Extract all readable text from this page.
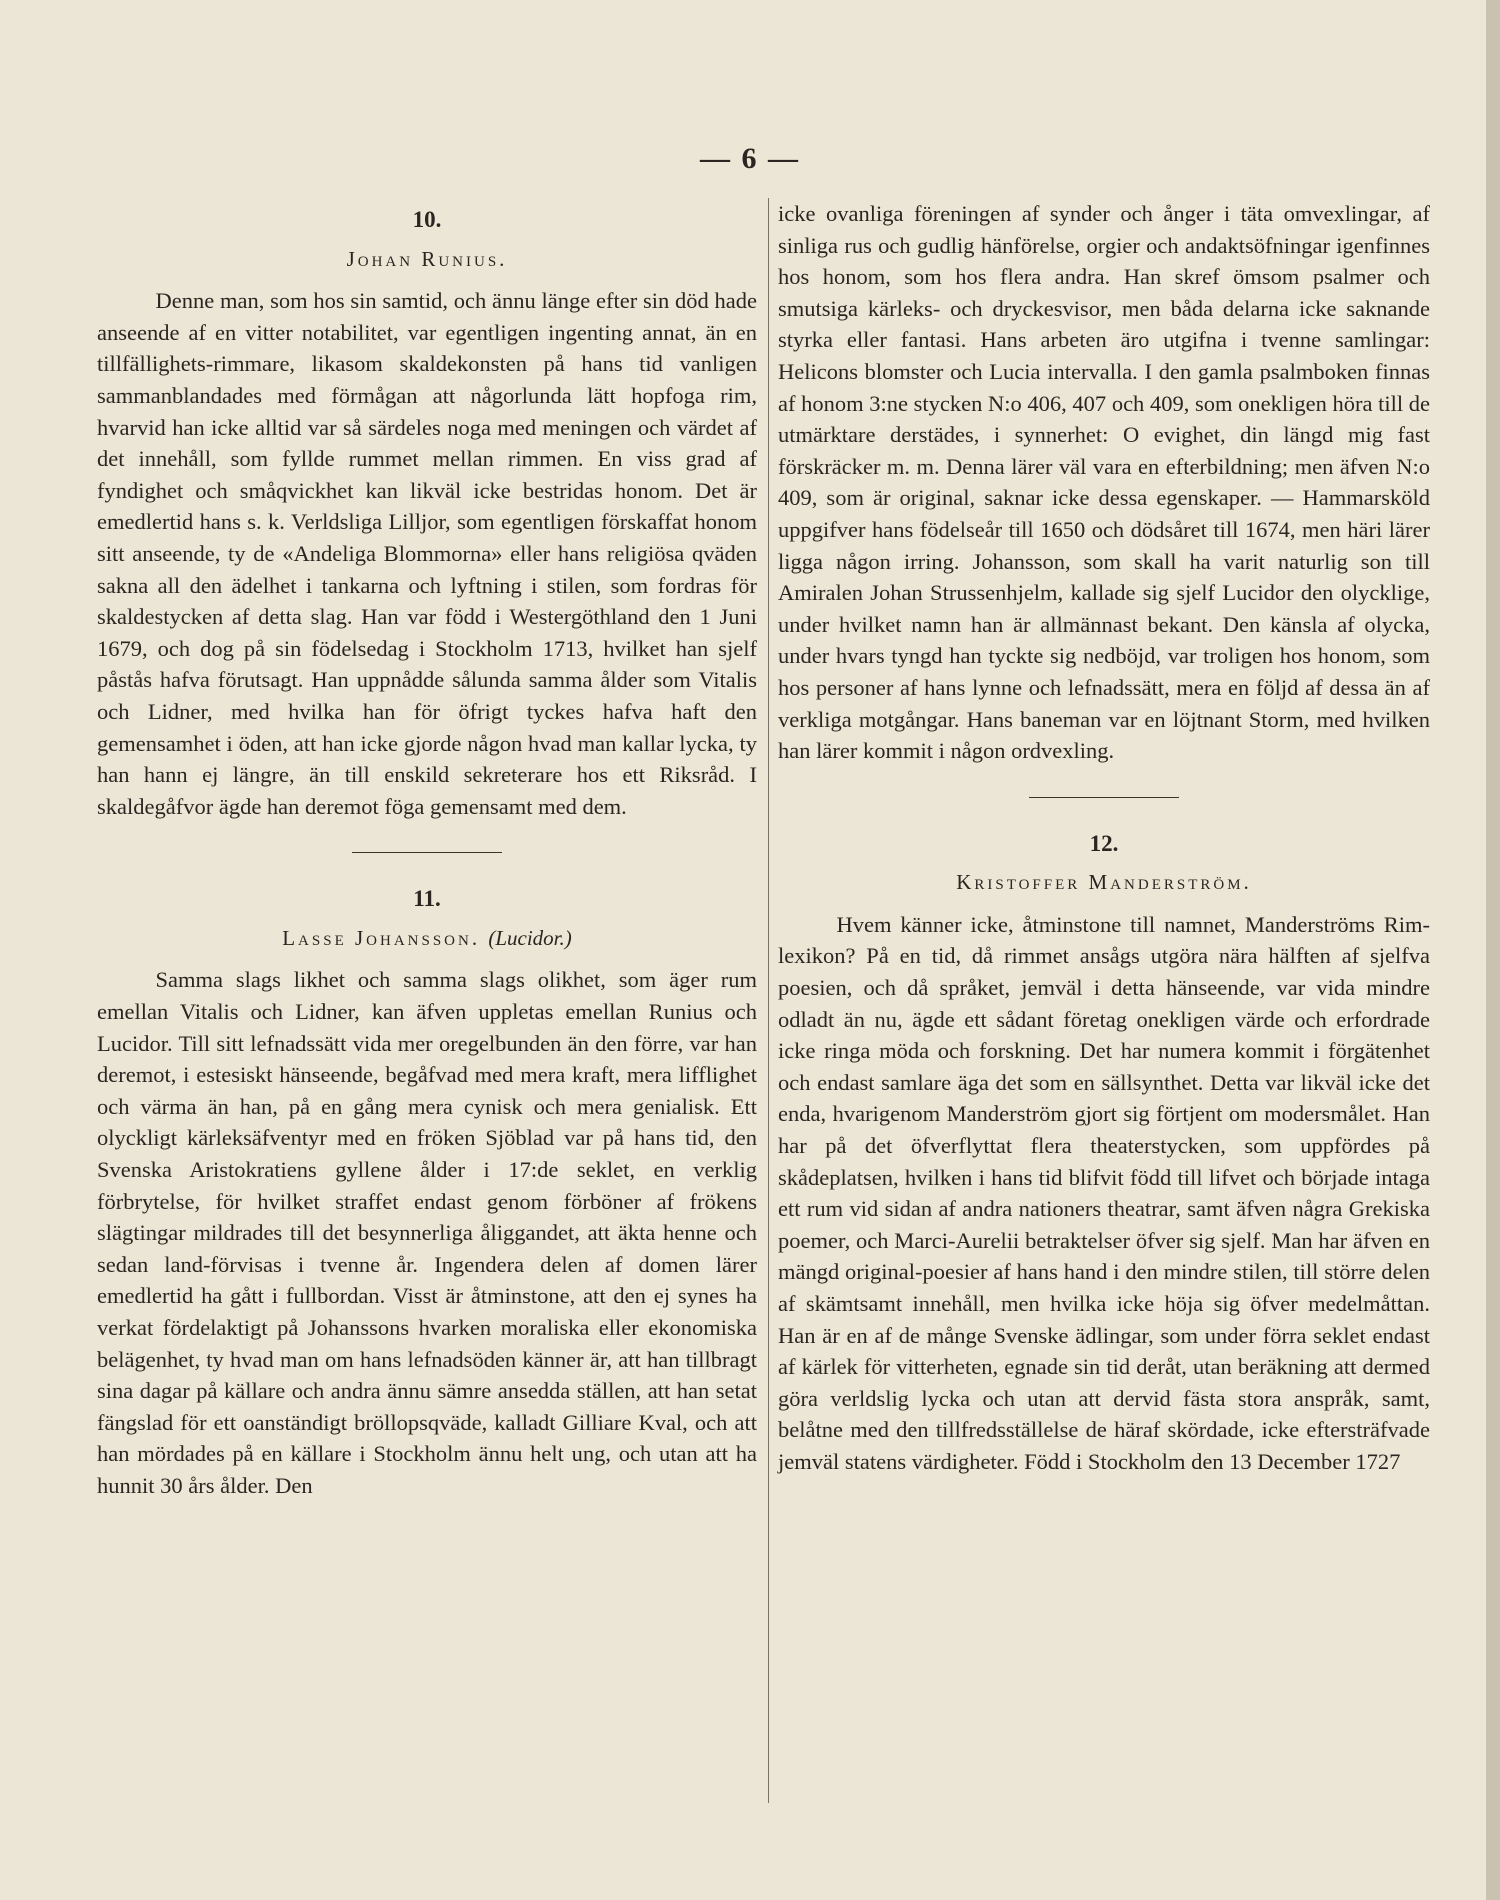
— 6 —
10.
Johan Runius.

Denne man, som hos sin samtid, och ännu länge efter sin död hade anseende af en vitter notabilitet, var egentligen ingenting annat, än en tillfällighets-rimmare, likasom skaldekonsten på hans tid vanligen sammanblandades med förmågan att någorlunda lätt hopfoga rim, hvarvid han icke alltid var så särdeles noga med meningen och värdet af det innehåll, som fyllde rummet mellan rimmen. En viss grad af fyndighet och småqvickhet kan likväl icke bestridas honom. Det är emedlertid hans s. k. Verldsliga Lilljor, som egentligen förskaffat honom sitt anseende, ty de «Andeliga Blommorna» eller hans religiösa qväden sakna all den ädelhet i tankarna och lyftning i stilen, som fordras för skaldestycken af detta slag. Han var född i Westergöthland den 1 Juni 1679, och dog på sin födelsedag i Stockholm 1713, hvilket han sjelf påstås hafva förutsagt. Han uppnådde sålunda samma ålder som Vitalis och Lidner, med hvilka han för öfrigt tyckes hafva haft den gemensamhet i öden, att han icke gjorde någon hvad man kallar lycka, ty han hann ej längre, än till enskild sekreterare hos ett Riksråd. I skaldegåfvor ägde han deremot föga gemensamt med dem.

11.
Lasse Johansson. (Lucidor.)

Samma slags likhet och samma slags olikhet, som äger rum emellan Vitalis och Lidner, kan äfven uppletas emellan Runius och Lucidor. Till sitt lefnadssätt vida mer oregelbunden än den förre, var han deremot, i estesiskt hänseende, begåfvad med mera kraft, mera lifflighet och värma än han, på en gång mera cynisk och mera genialisk. Ett olyckligt kärleksäfventyr med en fröken Sjöblad var på hans tid, den Svenska Aristokratiens gyllene ålder i 17:de seklet, en verklig förbrytelse, för hvilket straffet endast genom förböner af frökens slägtingar mildrades till det besynnerliga åliggandet, att äkta henne och sedan land-förvisas i tvenne år. Ingendera delen af domen lärer emedlertid ha gått i fullbordan. Visst är åtminstone, att den ej synes ha verkat fördelaktigt på Johanssons hvarken moraliska eller ekonomiska belägenhet, ty hvad man om hans lefnadsöden känner är, att han tillbragt sina dagar på källare och andra ännu sämre ansedda ställen, att han setat fängslad för ett oanständigt bröllopsqväde, kalladt Gilliare Kval, och att han mördades på en källare i Stockholm ännu helt ung, och utan att ha hunnit 30 års ålder. Den

icke ovanliga föreningen af synder och ånger i täta omvexlingar, af sinliga rus och gudlig hänförelse, orgier och andaktsöfningar igenfinnes hos honom, som hos flera andra. Han skref ömsom psalmer och smutsiga kärleks- och dryckesvisor, men båda delarna icke saknande styrka eller fantasi. Hans arbeten äro utgifna i tvenne samlingar: Helicons blomster och Lucia intervalla. I den gamla psalmboken finnas af honom 3:ne stycken N:o 406, 407 och 409, som onekligen höra till de utmärktare derstädes, i synnerhet: O evighet, din längd mig fast förskräcker m. m. Denna lärer väl vara en efterbildning; men äfven N:o 409, som är original, saknar icke dessa egenskaper. — Hammarsköld uppgifver hans födelseår till 1650 och dödsåret till 1674, men häri lärer ligga någon irring. Johansson, som skall ha varit naturlig son till Amiralen Johan Strussenhjelm, kallade sig sjelf Lucidor den olycklige, under hvilket namn han är allmännast bekant. Den känsla af olycka, under hvars tyngd han tyckte sig nedböjd, var troligen hos honom, som hos personer af hans lynne och lefnadssätt, mera en följd af dessa än af verkliga motgångar. Hans baneman var en löjtnant Storm, med hvilken han lärer kommit i någon ordvexling.

12.
Kristoffer Manderström.

Hvem känner icke, åtminstone till namnet, Manderströms Rim-lexikon? På en tid, då rimmet ansågs utgöra nära hälften af sjelfva poesien, och då språket, jemväl i detta hänseende, var vida mindre odladt än nu, ägde ett sådant företag onekligen värde och erfordrade icke ringa möda och forskning. Det har numera kommit i förgätenhet och endast samlare äga det som en sällsynthet. Detta var likväl icke det enda, hvarigenom Manderström gjort sig förtjent om modersmålet. Han har på det öfverflyttat flera theaterstycken, som uppfördes på skådeplatsen, hvilken i hans tid blifvit född till lifvet och började intaga ett rum vid sidan af andra nationers theatrar, samt äfven några Grekiska poemer, och Marci-Aurelii betraktelser öfver sig sjelf. Man har äfven en mängd original-poesier af hans hand i den mindre stilen, till större delen af skämtsamt innehåll, men hvilka icke höja sig öfver medelmåttan. Han är en af de månge Svenske ädlingar, som under förra seklet endast af kärlek för vitterheten, egnade sin tid deråt, utan beräkning att dermed göra verldslig lycka och utan att dervid fästa stora anspråk, samt, belåtne med den tillfredsställelse de häraf skördade, icke eftersträfvade jemväl statens värdigheter. Född i Stockholm den 13 December 1727
